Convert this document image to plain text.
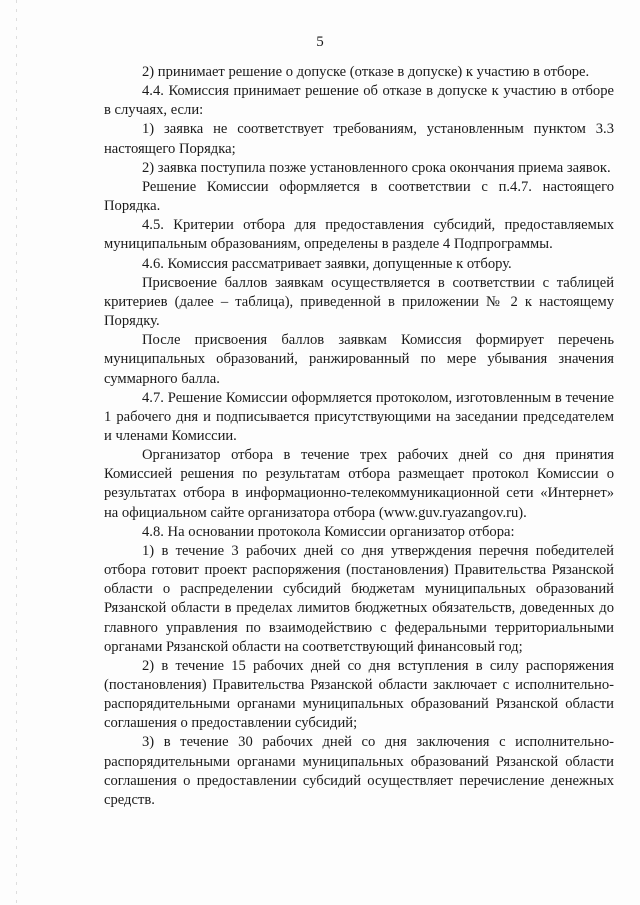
5

2) принимает решение о допуске (отказе в допуске) к участию в отборе.

4.4. Комиссия принимает решение об отказе в допуске к участию в отборе в случаях, если:

1) заявка не соответствует требованиям, установленным пунктом 3.3 настоящего Порядка;

2) заявка поступила позже установленного срока окончания приема заявок.

Решение Комиссии оформляется в соответствии с п.4.7. настоящего Порядка.

4.5. Критерии отбора для предоставления субсидий, предоставляемых муниципальным образованиям, определены в разделе 4 Подпрограммы.

4.6. Комиссия рассматривает заявки, допущенные к отбору.

Присвоение баллов заявкам осуществляется в соответствии с таблицей критериев (далее – таблица), приведенной в приложении № 2 к настоящему Порядку.

После присвоения баллов заявкам Комиссия формирует перечень муниципальных образований, ранжированный по мере убывания значения суммарного балла.

4.7. Решение Комиссии оформляется протоколом, изготовленным в течение 1 рабочего дня и подписывается присутствующими на заседании председателем и членами Комиссии.

Организатор отбора в течение трех рабочих дней со дня принятия Комиссией решения по результатам отбора размещает протокол Комиссии о результатах отбора в информационно-телекоммуникационной сети «Интернет» на официальном сайте организатора отбора (www.guv.ryazangov.ru).

4.8. На основании протокола Комиссии организатор отбора:

1) в течение 3 рабочих дней со дня утверждения перечня победителей отбора готовит проект распоряжения (постановления) Правительства Рязанской области о распределении субсидий бюджетам муниципальных образований Рязанской области в пределах лимитов бюджетных обязательств, доведенных до главного управления по взаимодействию с федеральными территориальными органами Рязанской области на соответствующий финансовый год;

2) в течение 15 рабочих дней со дня вступления в силу распоряжения (постановления) Правительства Рязанской области заключает с исполнительно-распорядительными органами муниципальных образований Рязанской области соглашения о предоставлении субсидий;

3) в течение 30 рабочих дней со дня заключения с исполнительно-распорядительными органами муниципальных образований Рязанской области соглашения о предоставлении субсидий осуществляет перечисление денежных средств.
